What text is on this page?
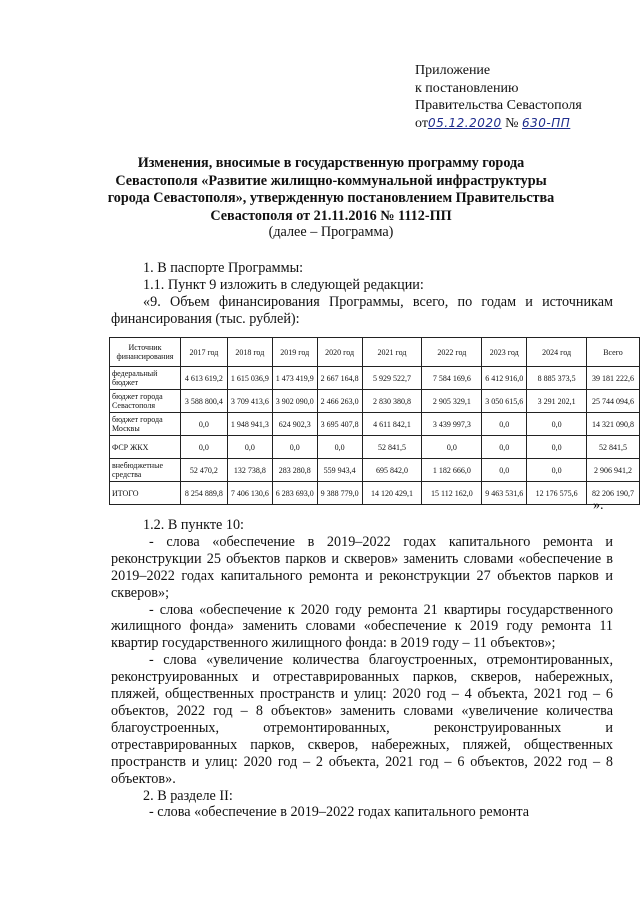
Приложение
к постановлению
Правительства Севастополя
от05.12.2020 № 630-ПП
Изменения, вносимые в государственную программу города
Севастополя «Развитие жилищно-коммунальной инфраструктуры
города Севастополя», утвержденную постановлением Правительства
Севастополя от 21.11.2016 № 1112-ПП
(далее – Программа)

1. В паспорте Программы:

1.1. Пункт 9 изложить в следующей редакции:

«9. Объем финансирования Программы, всего, по годам и источникам финансирования (тыс. рублей):

Источник финансирования	2017 год	2018 год	2019 год	2020 год	2021 год	2022 год	2023 год	2024 год	Всего
федеральный бюджет	4 613 619,2	1 615 036,9	1 473 419,9	2 667 164,8	5 929 522,7	7 584 169,6	6 412 916,0	8 885 373,5	39 181 222,6
бюджет города Севастополя	3 588 800,4	3 709 413,6	3 902 090,0	2 466 263,0	2 830 380,8	2 905 329,1	3 050 615,6	3 291 202,1	25 744 094,6
бюджет города Москвы	0,0	1 948 941,3	624 902,3	3 695 407,8	4 611 842,1	3 439 997,3	0,0	0,0	14 321 090,8
ФСР ЖКХ	0,0	0,0	0,0	0,0	52 841,5	0,0	0,0	0,0	52 841,5
внебюджетные средства	52 470,2	132 738,8	283 280,8	559 943,4	695 842,0	1 182 666,0	0,0	0,0	2 906 941,2
ИТОГО	8 254 889,8	7 406 130,6	6 283 693,0	9 388 779,0	14 120 429,1	15 112 162,0	9 463 531,6	12 176 575,6	82 206 190,7
».

1.2. В пункте 10:

- слова «обеспечение в 2019–2022 годах капитального ремонта и реконструкции 25 объектов парков и скверов» заменить словами «обеспечение в 2019–2022 годах капитального ремонта и реконструкции 27 объектов парков и скверов»;

- слова «обеспечение к 2020 году ремонта 21 квартиры государственного жилищного фонда» заменить словами «обеспечение к 2019 году ремонта 11 квартир государственного жилищного фонда: в 2019 году – 11 объектов»;

- слова «увеличение количества благоустроенных, отремонтированных, реконструированных и отреставрированных парков, скверов, набережных, пляжей, общественных пространств и улиц: 2020 год – 4 объекта, 2021 год – 6 объектов, 2022 год – 8 объектов» заменить словами «увеличение количества благоустроенных, отремонтированных, реконструированных и отреставрированных парков, скверов, набережных, пляжей, общественных пространств и улиц: 2020 год – 2 объекта, 2021 год – 6 объектов, 2022 год – 8 объектов».

2. В разделе II:

- слова «обеспечение в 2019–2022 годах капитального ремонта
